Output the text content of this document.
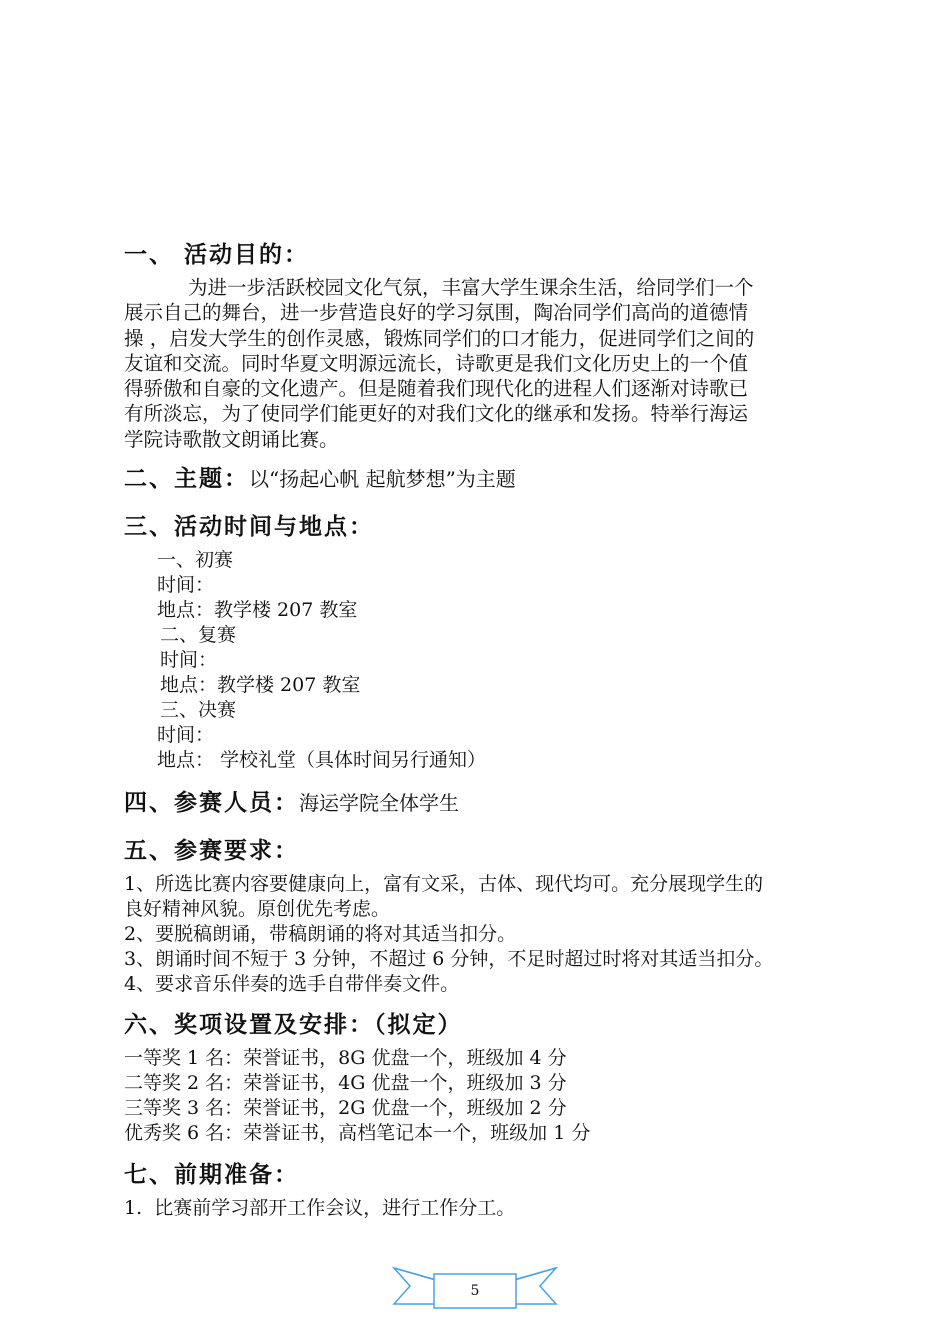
一、 活动目的：
为进一步活跃校园文化气氛，丰富大学生课余生活，给同学们一个
展示自己的舞台，进一步营造良好的学习氛围，陶冶同学们高尚的道德情
操 ，启发大学生的创作灵感，锻炼同学们的口才能力，促进同学们之间的
友谊和交流。同时华夏文明源远流长，诗歌更是我们文化历史上的一个值
得骄傲和自豪的文化遗产。但是随着我们现代化的进程人们逐渐对诗歌已
有所淡忘，为了使同学们能更好的对我们文化的继承和发扬。特举行海运
学院诗歌散文朗诵比赛。
二、主题：以“扬起心帆 起航梦想”为主题
三、活动时间与地点：
一、初赛
时间：
地点：教学楼 207 教室
二、复赛
时间：
地点：教学楼 207 教室
三、决赛
时间：
地点： 学校礼堂（具体时间另行通知）
四、参赛人员：海运学院全体学生
五、参赛要求：
1、所选比赛内容要健康向上，富有文采，古体、现代均可。充分展现学生的
良好精神风貌。原创优先考虑。
2、要脱稿朗诵，带稿朗诵的将对其适当扣分。
3、朗诵时间不短于 3 分钟，不超过 6 分钟，不足时超过时将对其适当扣分。
4、要求音乐伴奏的选手自带伴奏文件。
六、奖项设置及安排：（拟定）
一等奖 1 名：荣誉证书，8G 优盘一个，班级加 4 分
二等奖 2 名：荣誉证书，4G 优盘一个，班级加 3 分
三等奖 3 名：荣誉证书，2G 优盘一个，班级加 2 分
优秀奖 6 名：荣誉证书，高档笔记本一个，班级加 1 分
七、前期准备：
1.  比赛前学习部开工作会议，进行工作分工。
5
